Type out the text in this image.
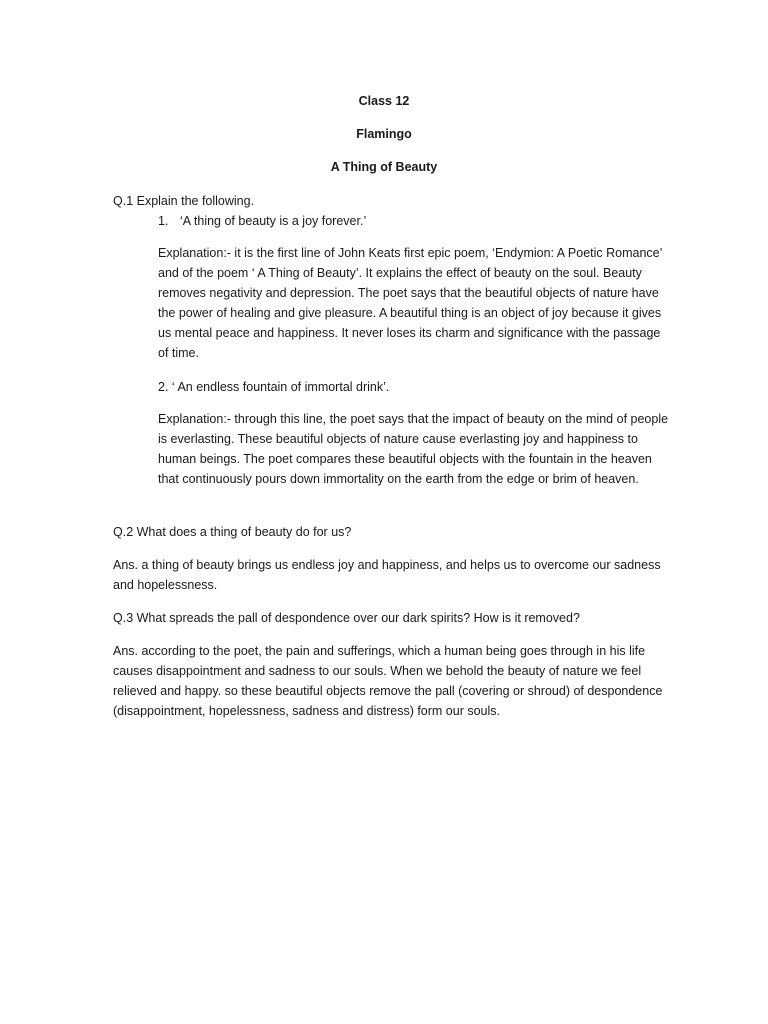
Class 12
Flamingo
A Thing of Beauty
Q.1 Explain the following.
1. ‘A thing of beauty is a joy forever.’
Explanation:- it is the first line of John Keats first epic poem, ‘Endymion: A Poetic Romance’ and of the poem ‘ A Thing of Beauty’. It explains the effect of beauty on the soul. Beauty removes negativity and depression. The poet says that the beautiful objects of nature have the power of healing and give pleasure. A beautiful thing is an object of joy because it gives us mental peace and happiness. It never loses its charm and significance with the passage of time.
2. ‘ An endless fountain of immortal drink’.
Explanation:- through this line, the poet says that the impact of beauty on the mind of people is everlasting. These beautiful objects of nature cause everlasting joy and happiness to human beings. The poet compares these beautiful objects with the fountain in the heaven that continuously pours down immortality on the earth from the edge or brim of heaven.
Q.2 What does a thing of beauty do for us?
Ans. a thing of beauty brings us endless joy and happiness, and helps us to overcome our sadness and hopelessness.
Q.3 What spreads the pall of despondence over our dark spirits? How is it removed?
Ans. according to the poet, the pain and sufferings, which a human being goes through in his life causes disappointment and sadness to our souls. When we behold the beauty of nature we feel relieved and happy. so these beautiful objects remove the pall (covering or shroud) of despondence (disappointment, hopelessness, sadness and distress) form our souls.
